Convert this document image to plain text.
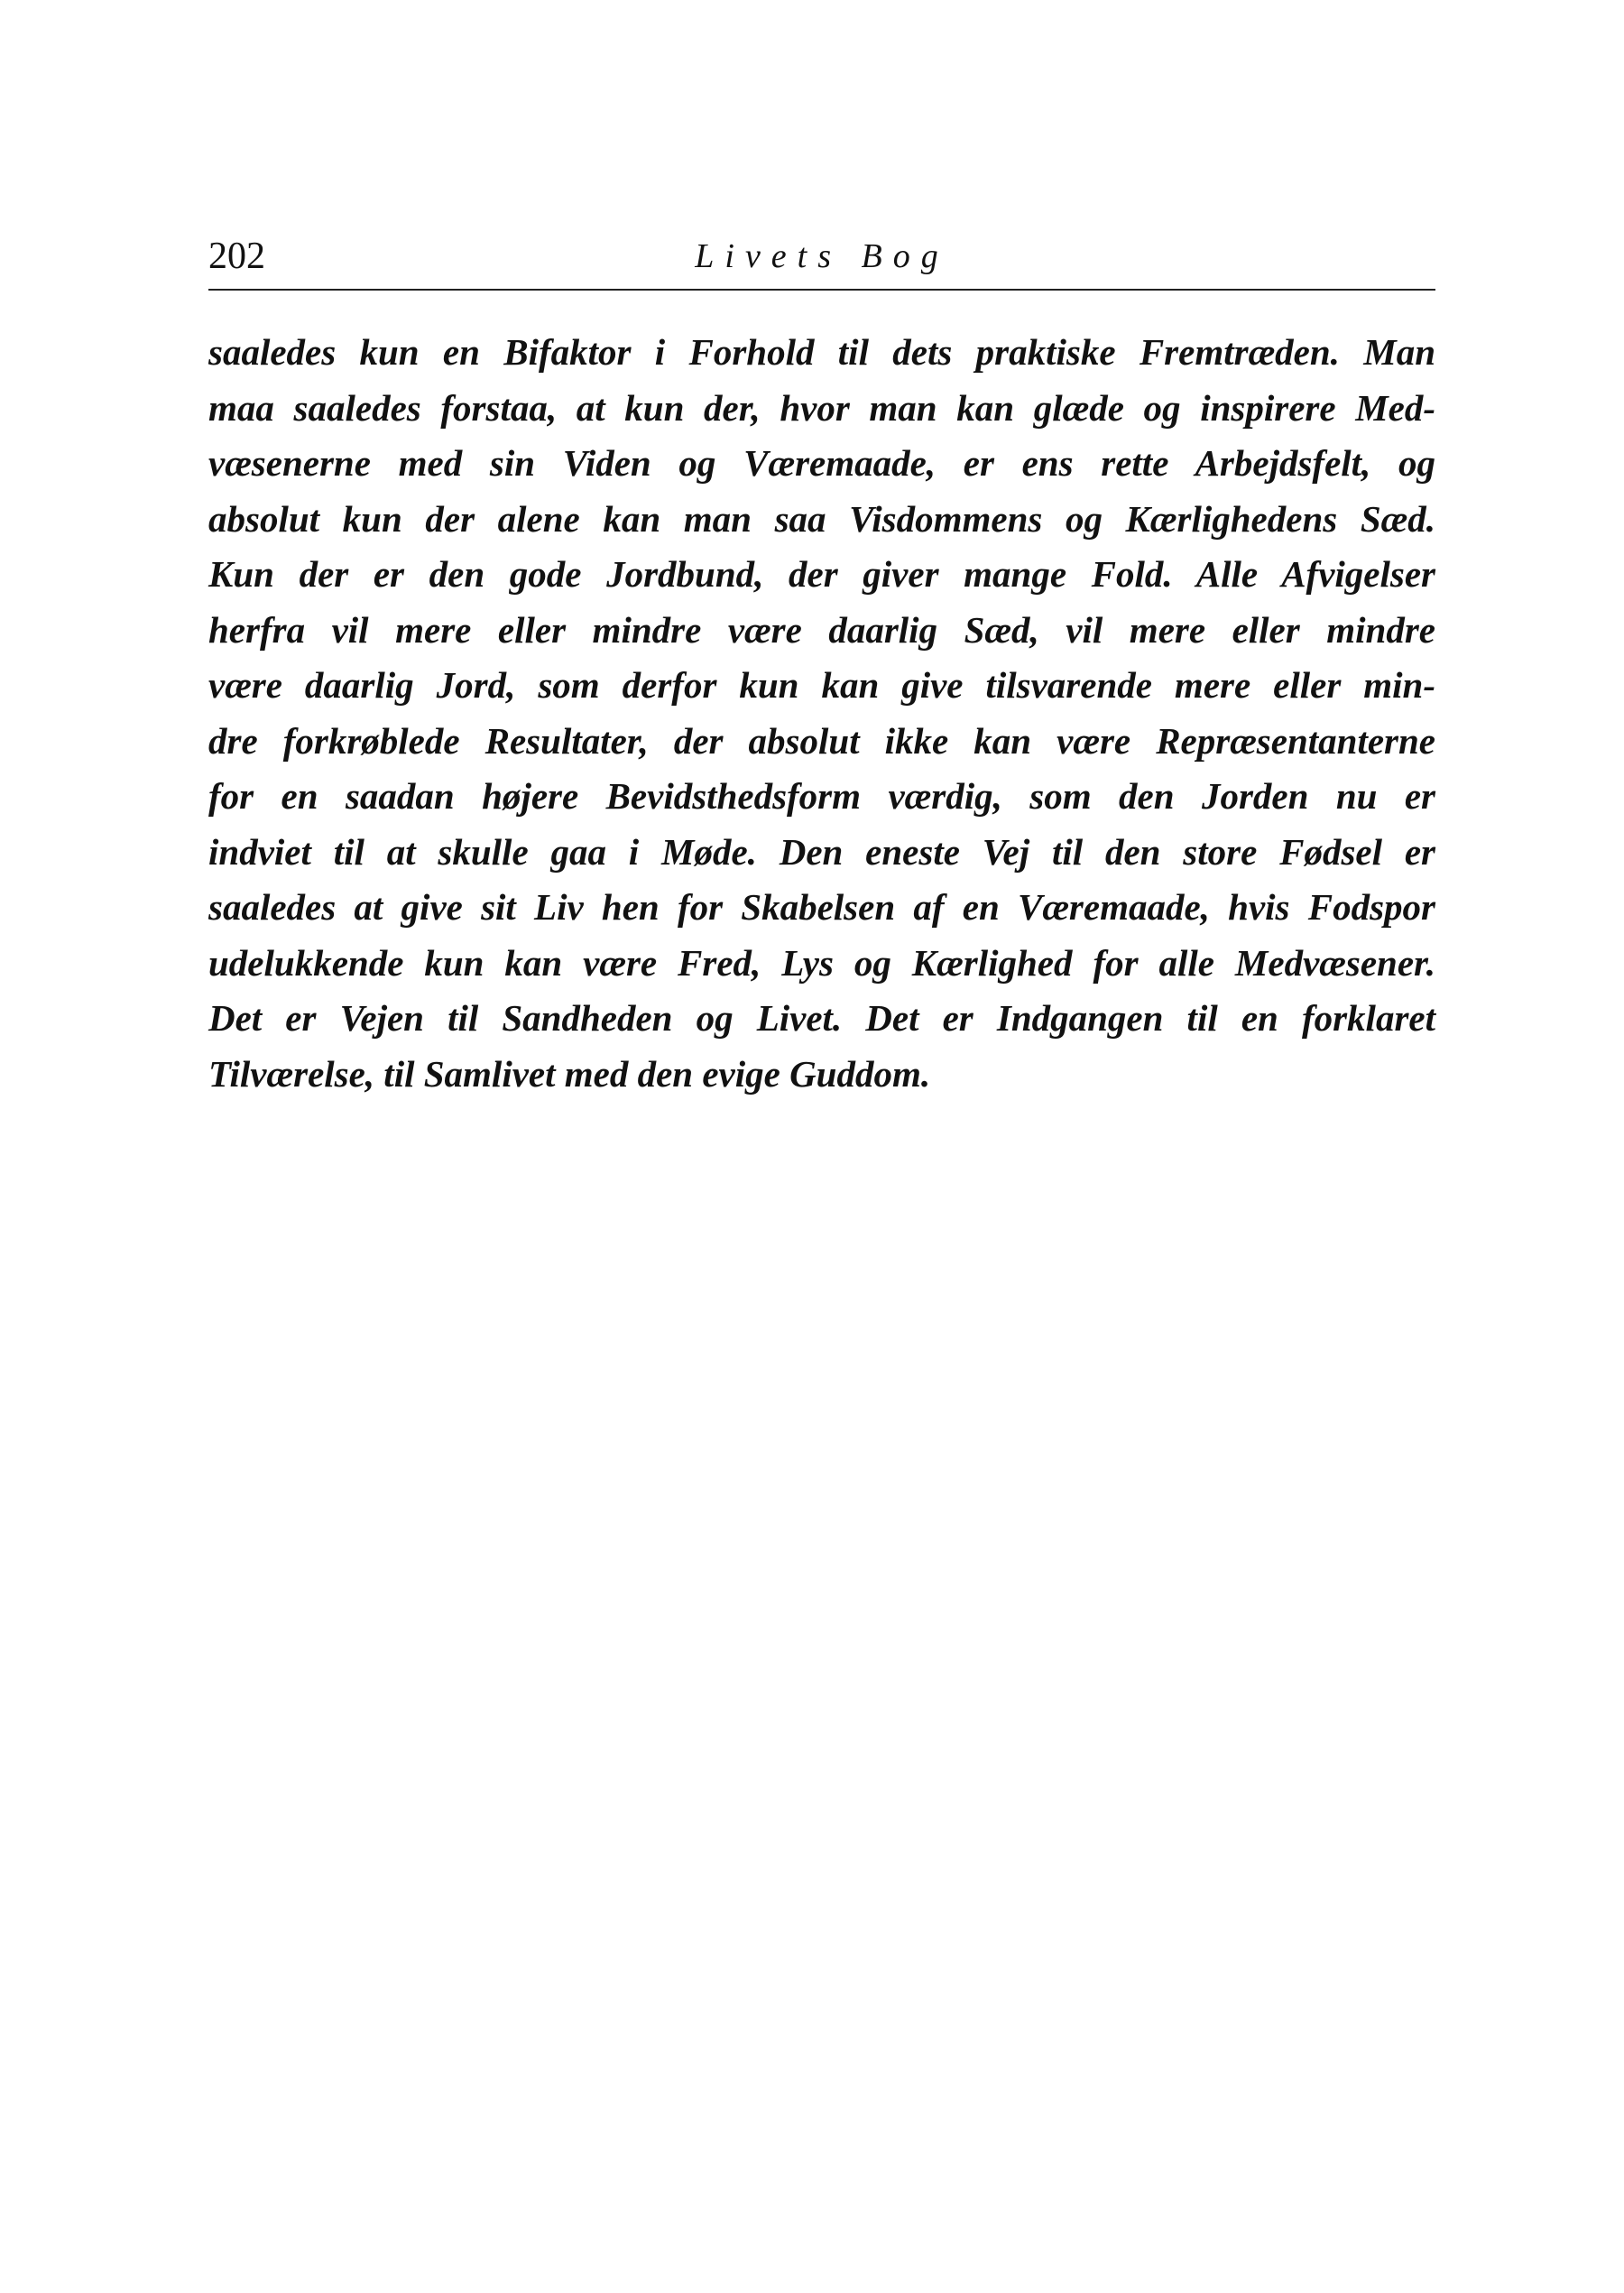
202	Livets Bog
saaledes kun en Bifaktor i Forhold til dets praktiske Fremtræden. Man
maa saaledes forstaa, at kun der, hvor man kan glæde og inspirere Med-
væsenerne med sin Viden og Væremaade, er ens rette Arbejdsfelt, og
absolut kun der alene kan man saa Visdommens og Kærlighedens Sæd.
Kun der er den gode Jordbund, der giver mange Fold. Alle Afvigelser
herfra vil mere eller mindre være daarlig Sæd, vil mere eller mindre
være daarlig Jord, som derfor kun kan give tilsvarende mere eller min-
dre forkrøblede Resultater, der absolut ikke kan være Repræsentanterne
for en saadan højere Bevidsthedsform værdig, som den Jorden nu er
indviet til at skulle gaa i Møde. Den eneste Vej til den store Fødsel er
saaledes at give sit Liv hen for Skabelsen af en Væremaade, hvis Fodspor
udelukkende kun kan være Fred, Lys og Kærlighed for alle Medvæsener.
Det er Vejen til Sandheden og Livet. Det er Indgangen til en forklaret
Tilværelse, til Samlivet med den evige Guddom.
